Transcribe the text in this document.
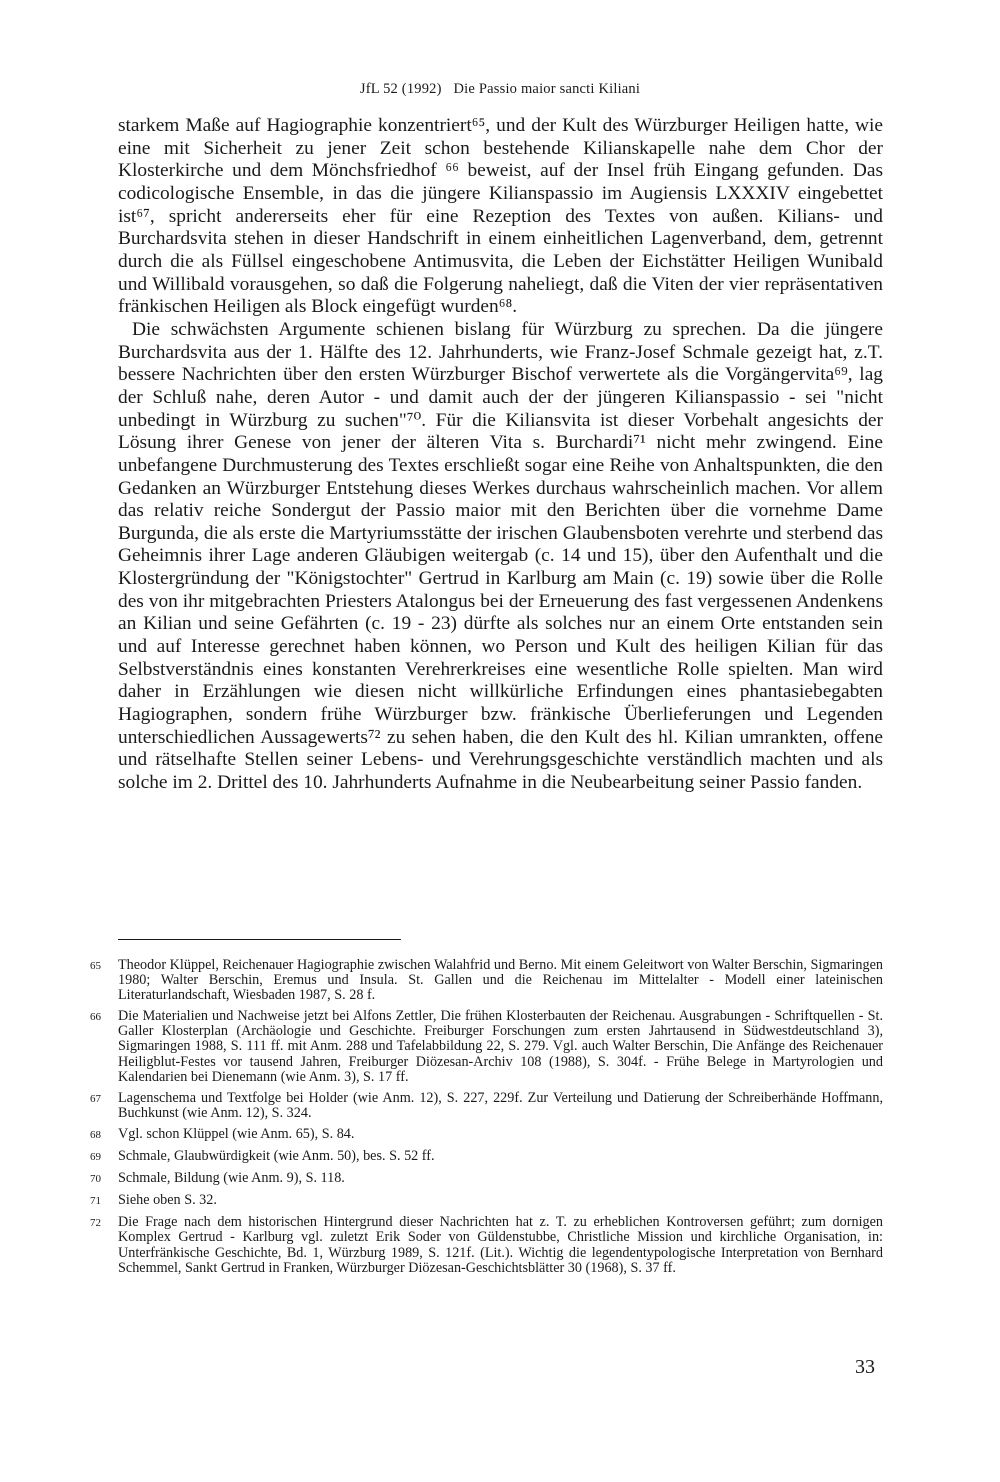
JfL 52 (1992) Die Passio maior sancti Kiliani

starkem Maße auf Hagiographie konzentriert⁶⁵, und der Kult des Würzburger Heiligen hatte, wie eine mit Sicherheit zu jener Zeit schon bestehende Kilianskapelle nahe dem Chor der Klosterkirche und dem Mönchsfriedhof ⁶⁶ beweist, auf der Insel früh Eingang gefunden. Das codicologische Ensemble, in das die jüngere Kilianspassio im Augiensis LXXXIV eingebettet ist⁶⁷, spricht andererseits eher für eine Rezeption des Textes von außen. Kilians- und Burchardsvita stehen in dieser Handschrift in einem einheitlichen Lagenverband, dem, getrennt durch die als Füllsel eingeschobene Antimusvita, die Leben der Eichstätter Heiligen Wunibald und Willibald vorausgehen, so daß die Folgerung naheliegt, daß die Viten der vier repräsentativen fränkischen Heiligen als Block eingefügt wurden⁶⁸.

Die schwächsten Argumente schienen bislang für Würzburg zu sprechen. Da die jüngere Burchardsvita aus der 1. Hälfte des 12. Jahrhunderts, wie Franz-Josef Schmale gezeigt hat, z.T. bessere Nachrichten über den ersten Würzburger Bischof verwertete als die Vorgängervita⁶⁹, lag der Schluß nahe, deren Autor - und damit auch der der jüngeren Kilianspassio - sei "nicht unbedingt in Würzburg zu suchen"⁷⁰. Für die Kiliansvita ist dieser Vorbehalt angesichts der Lösung ihrer Genese von jener der älteren Vita s. Burchardi⁷¹ nicht mehr zwingend. Eine unbefangene Durchmusterung des Textes erschließt sogar eine Reihe von Anhaltspunkten, die den Gedanken an Würzburger Entstehung dieses Werkes durchaus wahrscheinlich machen. Vor allem das relativ reiche Sondergut der Passio maior mit den Berichten über die vornehme Dame Burgunda, die als erste die Martyriumsstätte der irischen Glaubensboten verehrte und sterbend das Geheimnis ihrer Lage anderen Gläubigen weitergab (c. 14 und 15), über den Aufenthalt und die Klostergründung der "Königstochter" Gertrud in Karlburg am Main (c. 19) sowie über die Rolle des von ihr mitgebrachten Priesters Atalongus bei der Erneuerung des fast vergessenen Andenkens an Kilian und seine Gefährten (c. 19 - 23) dürfte als solches nur an einem Orte entstanden sein und auf Interesse gerechnet haben können, wo Person und Kult des heiligen Kilian für das Selbstverständnis eines konstanten Verehrerkreises eine wesentliche Rolle spielten. Man wird daher in Erzählungen wie diesen nicht willkürliche Erfindungen eines phantasiebegabten Hagiographen, sondern frühe Würzburger bzw. fränkische Überlieferungen und Legenden unterschiedlichen Aussagewerts⁷² zu sehen haben, die den Kult des hl. Kilian umrankten, offene und rätselhafte Stellen seiner Lebens- und Verehrungsgeschichte verständlich machten und als solche im 2. Drittel des 10. Jahrhunderts Aufnahme in die Neubearbeitung seiner Passio fanden.

65	Theodor Klüppel, Reichenauer Hagiographie zwischen Walahfrid und Berno. Mit einem Geleitwort von Walter Berschin, Sigmaringen 1980; Walter Berschin, Eremus und Insula. St. Gallen und die Reichenau im Mittelalter - Modell einer lateinischen Literaturlandschaft, Wiesbaden 1987, S. 28 f.
66	Die Materialien und Nachweise jetzt bei Alfons Zettler, Die frühen Klosterbauten der Reichenau. Ausgrabungen - Schriftquellen - St. Galler Klosterplan (Archäologie und Geschichte. Freiburger Forschungen zum ersten Jahrtausend in Südwestdeutschland 3), Sigmaringen 1988, S. 111 ff. mit Anm. 288 und Tafelabbildung 22, S. 279. Vgl. auch Walter Berschin, Die Anfänge des Reichenauer Heiligblut-Festes vor tausend Jahren, Freiburger Diözesan-Archiv 108 (1988), S. 304f. - Frühe Belege in Martyrologien und Kalendarien bei Dienemann (wie Anm. 3), S. 17 ff.
67	Lagenschema und Textfolge bei Holder (wie Anm. 12), S. 227, 229f. Zur Verteilung und Datierung der Schreiberhände Hoffmann, Buchkunst (wie Anm. 12), S. 324.
68	Vgl. schon Klüppel (wie Anm. 65), S. 84.
69	Schmale, Glaubwürdigkeit (wie Anm. 50), bes. S. 52 ff.
70	Schmale, Bildung (wie Anm. 9), S. 118.
71	Siehe oben S. 32.
72	Die Frage nach dem historischen Hintergrund dieser Nachrichten hat z. T. zu erheblichen Kontroversen geführt; zum dornigen Komplex Gertrud - Karlburg vgl. zuletzt Erik Soder von Güldenstubbe, Christliche Mission und kirchliche Organisation, in: Unterfränkische Geschichte, Bd. 1, Würzburg 1989, S. 121f. (Lit.). Wichtig die legendentypologische Interpretation von Bernhard Schemmel, Sankt Gertrud in Franken, Würzburger Diözesan-Geschichtsblätter 30 (1968), S. 37 ff.
33
